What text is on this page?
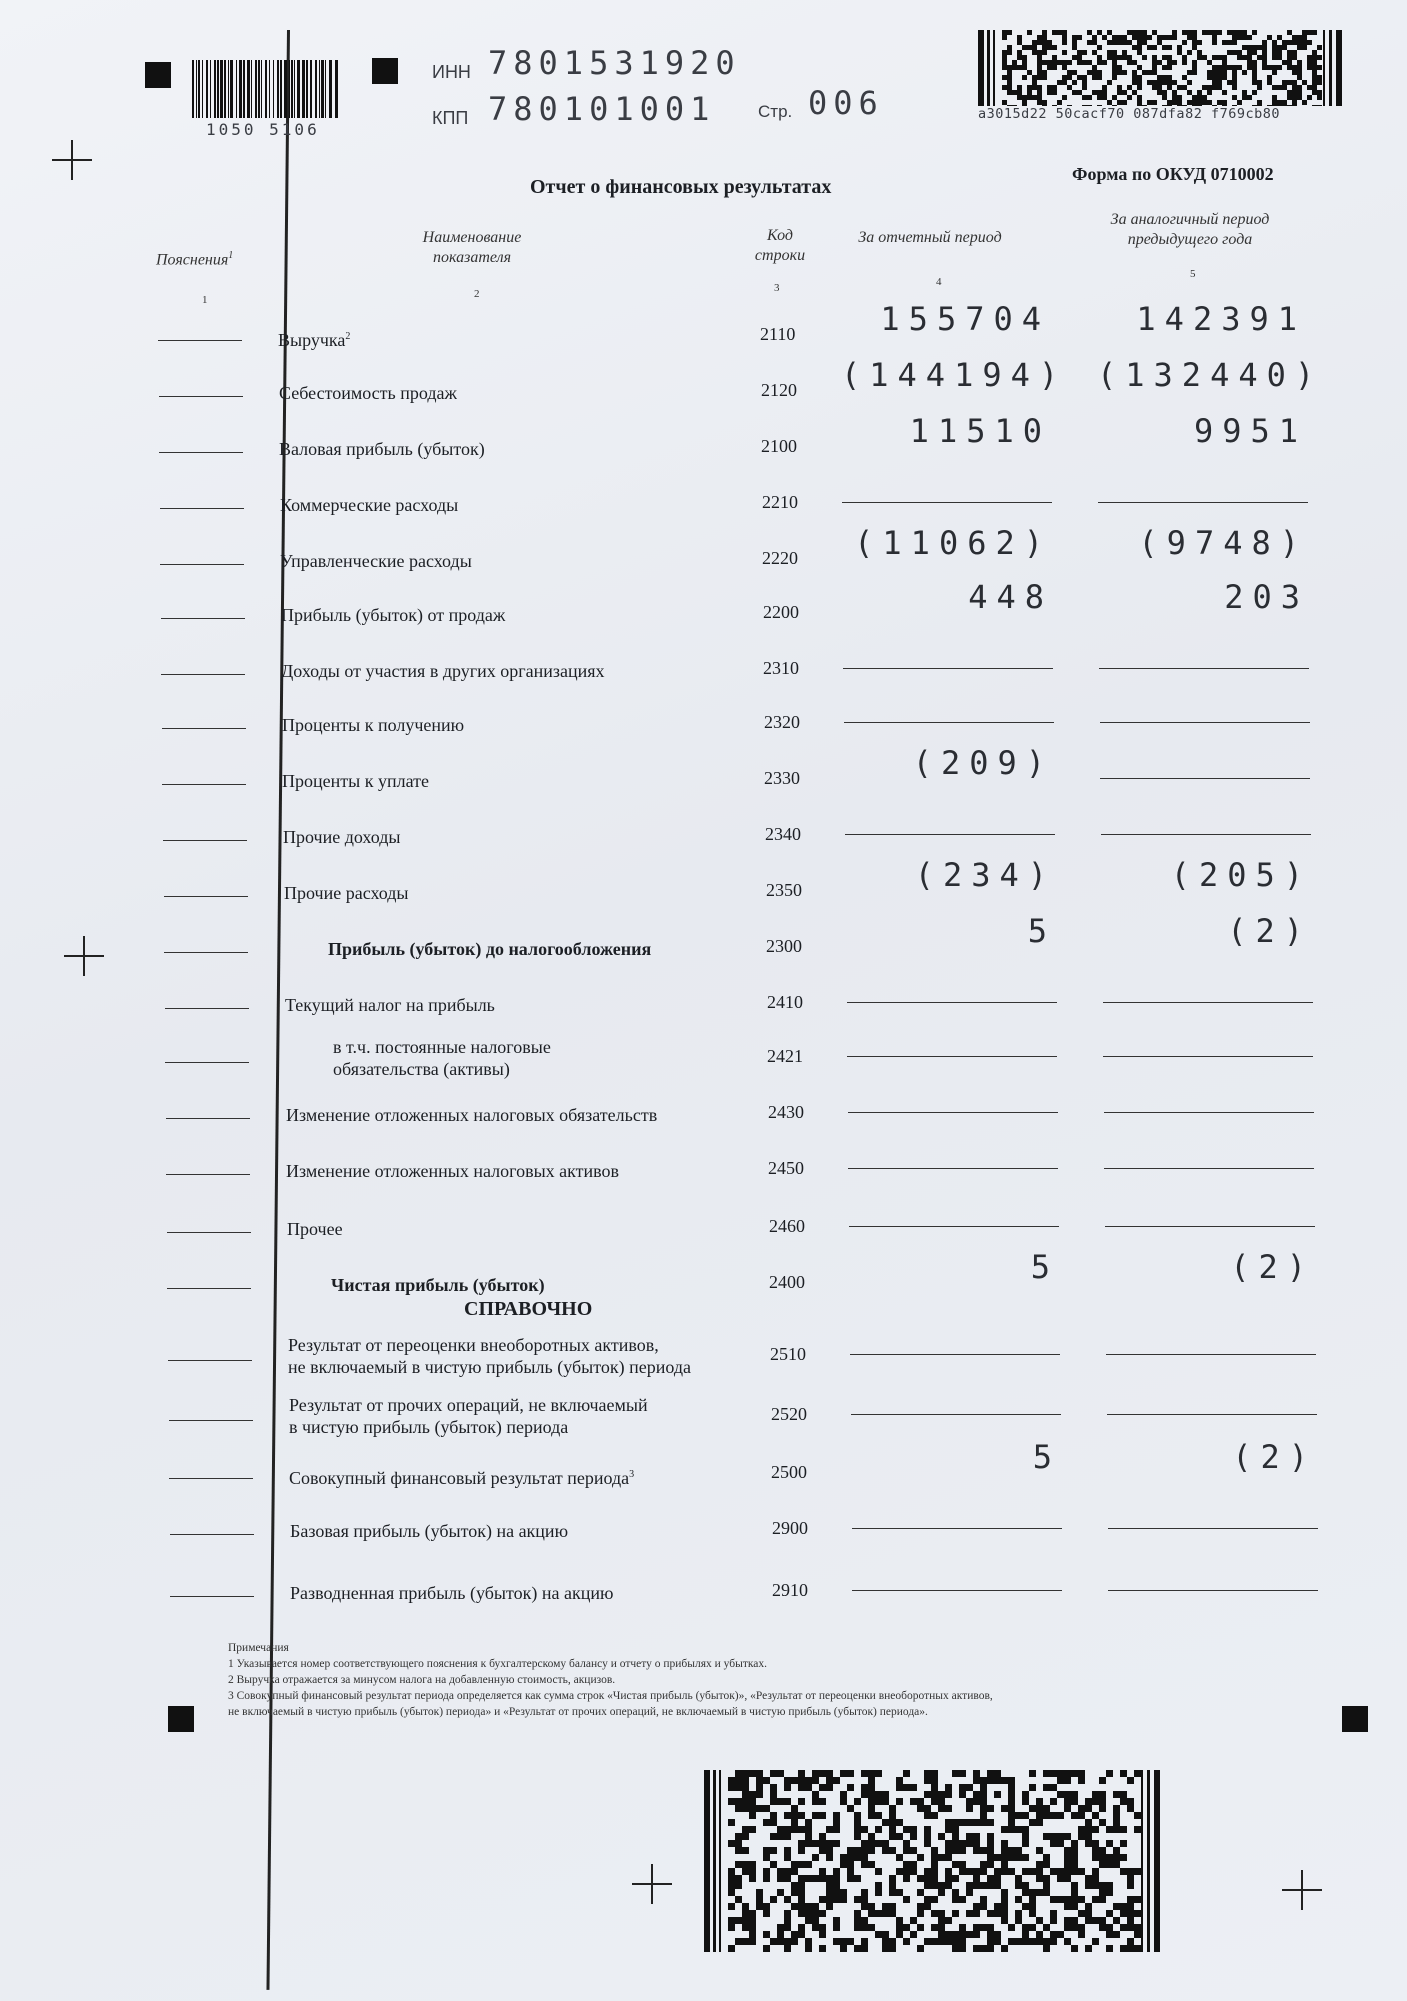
1050 5106
ИНН 7801531920
КПП 780101001	Стр. 006	a3015d22 50cacf70 087dfa82 f769cb80
Отчет о финансовых результатах
Форма по ОКУД 0710002
Пояснения$^1$
1
Наименование
показателя
2
Код
строки
3
За отчетный период
4
За аналогичный период
предыдущего года
5
Выручка$^2$	2110	155704	142391
Себестоимость продаж	2120 (144194) (132440)
Валовая прибыль (убыток)	2100	11510	9951
Коммерческие расходы	2210
Управленческие расходы	2220	(11062)	(9748)
Прибыль (убыток) от продаж	2200	448	203
Доходы от участия в других организациях	2310
Проценты к получению	2320
Проценты к уплате	2330	(209)
Прочие доходы	2340
Прочие расходы	2350	(234)	(205)
Прибыль (убыток) до налогообложения	2300	5	(2)
Текущий налог на прибыль	2410
в т.ч. постоянные налоговые
обязательства (активы)
2421
Изменение отложенных налоговых обязательств	2430
Изменение отложенных налоговых активов	2450
Прочее	2460
Чистая прибыль (убыток)	2400	5	(2)
СПРАВОЧНО
Результат от переоценки внеоборотных активов,
не включаемый в чистую прибыль (убыток) периода
2510
Результат от прочих операций, не включаемый
в чистую прибыль (убыток) периода
2520
Совокупный финансовый результат периода$^3$	2500	5	(2)
Базовая прибыль (убыток) на акцию	2900
Разводненная прибыль (убыток) на акцию	2910
Примечания
1 Указывается номер соответствующего пояснения к бухгалтерскому балансу и отчету о прибылях и убытках.
2 Выручка отражается за минусом налога на добавленную стоимость, акцизов.
3 Совокупный финансовый результат периода определяется как сумма строк «Чистая прибыль (убыток)», «Результат от переоценки внеоборотных активов,
не включаемый в чистую прибыль (убыток) периода» и «Результат от прочих операций, не включаемый в чистую прибыль (убыток) периода».
